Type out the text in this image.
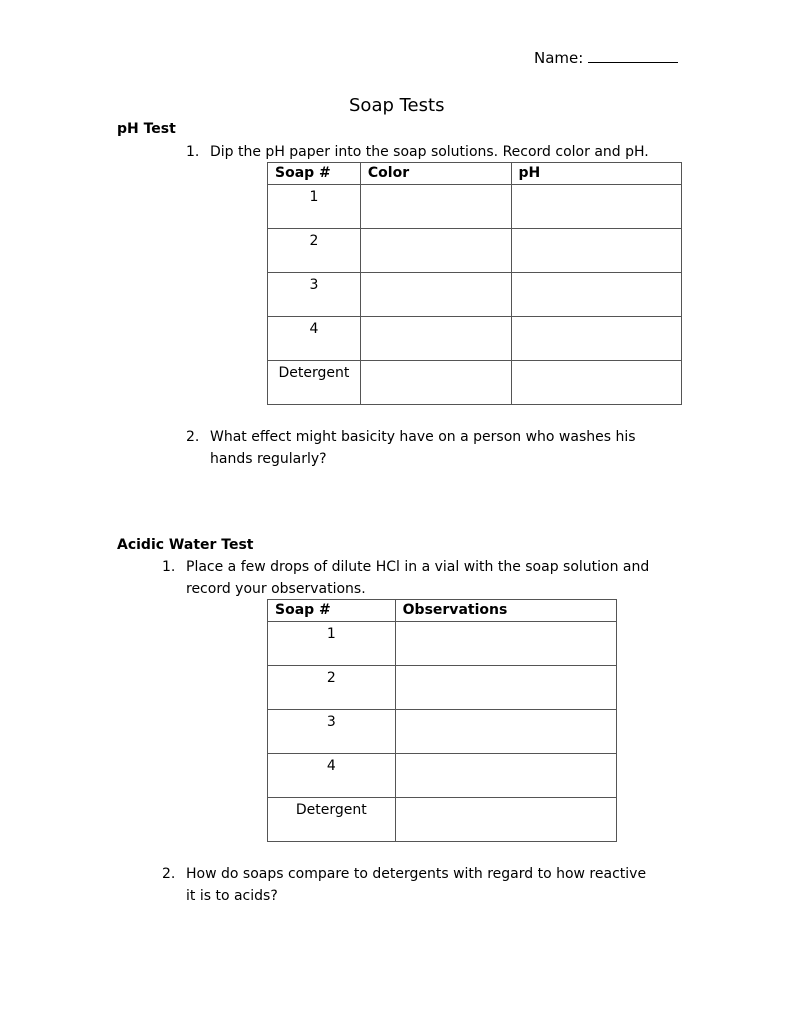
Name:
Soap Tests
pH Test
1. Dip the pH paper into the soap solutions. Record color and pH.
Soap #	Color	pH
1		
2		
3		
4		
Detergent		
2. What effect might basicity have on a person who washes his
hands regularly?
Acidic Water Test
1. Place a few drops of dilute HCl in a vial with the soap solution and
record your observations.
Soap #	Observations
1	
2	
3	
4	
Detergent	
2. How do soaps compare to detergents with regard to how reactive
it is to acids?
